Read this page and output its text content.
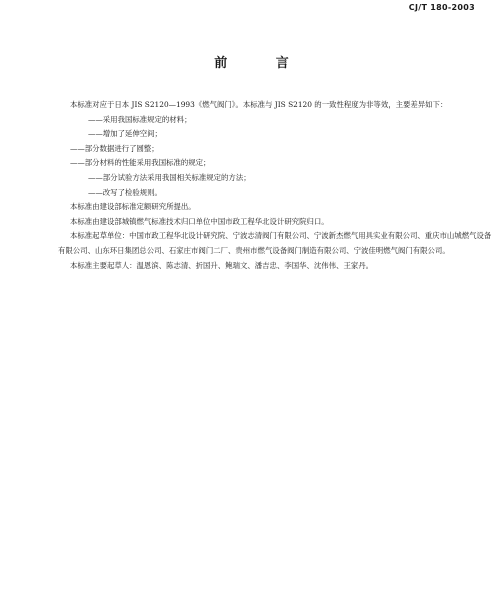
CJ/T 180-2003
前 言

本标准对应于日本 JIS S2120—1993《燃气阀门》。本标准与 JIS S2120 的一致性程度为非等效，主要差异如下：

——采用我国标准规定的材料；

——增加了延伸空间；

——部分数据进行了圆整；

——部分材料的性能采用我国标准的规定；

——部分试验方法采用我国相关标准规定的方法；

——改写了检验规则。

本标准由建设部标准定额研究所提出。

本标准由建设部城镇燃气标准技术归口单位中国市政工程华北设计研究院归口。

本标准起草单位：中国市政工程华北设计研究院、宁波志清阀门有限公司、宁波新杰燃气用具实业有限公司、重庆市山城燃气设备有限公司、山东环日集团总公司、石家庄市阀门二厂、贵州市燃气设备阀门制造有限公司、宁波佳明燃气阀门有限公司。

本标准主要起草人：温恩滨、陈志清、折国升、鲍瑞文、潘吉忠、李国华、沈伟伟、王家丹。
